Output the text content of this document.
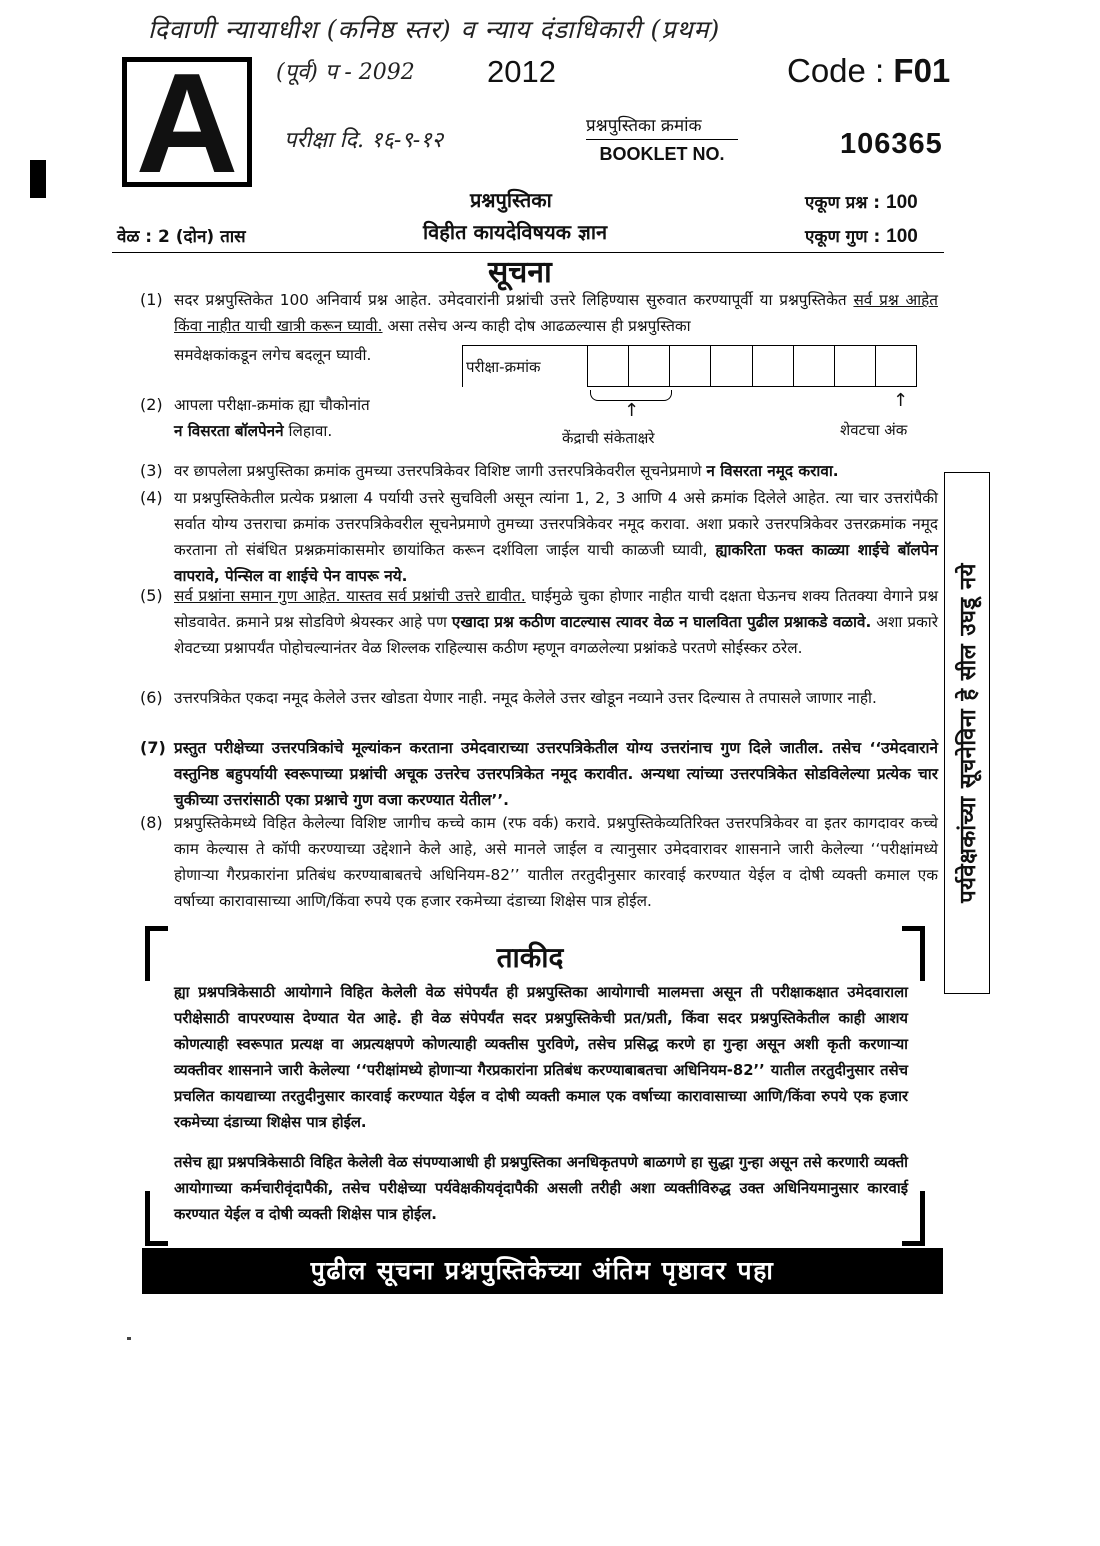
दिवाणी न्यायाधीश (कनिष्ठ स्तर) व न्याय दंडाधिकारी (प्रथम)
(पूर्व) प - 2092
परीक्षा दि. १६-९-१२
A	2012	Code : F01
प्रश्नपुस्तिका क्रमांक
BOOKLET NO.	106365
प्रश्नपुस्तिका
विहीत कायदेविषयक ज्ञान
वेळ : 2 (दोन) तास
एकूण प्रश्न : 100
एकूण गुण : 100
सूचना
(1) सदर प्रश्नपुस्तिकेत 100 अनिवार्य प्रश्न आहेत. उमेदवारांनी प्रश्नांची उत्तरे लिहिण्यास सुरुवात करण्यापूर्वी या प्रश्नपुस्तिकेत सर्व प्रश्न आहेत किंवा नाहीत याची खात्री करून घ्यावी. असा तसेच अन्य काही दोष आढळल्यास ही प्रश्नपुस्तिका
समवेक्षकांकडून लगेच बदलून घ्यावी.
परीक्षा-क्रमांक
↑	↑
केंद्राची संकेताक्षरे	शेवटचा अंक
(2) आपला परीक्षा-क्रमांक ह्या चौकोनांत
न विसरता बॉलपेनने लिहावा.
(3) वर छापलेला प्रश्नपुस्तिका क्रमांक तुमच्या उत्तरपत्रिकेवर विशिष्ट जागी उत्तरपत्रिकेवरील सूचनेप्रमाणे न विसरता नमूद करावा.
(4) या प्रश्नपुस्तिकेतील प्रत्येक प्रश्नाला 4 पर्यायी उत्तरे सुचविली असून त्यांना 1, 2, 3 आणि 4 असे क्रमांक दिलेले आहेत. त्या चार उत्तरांपैकी सर्वात योग्य उत्तराचा क्रमांक उत्तरपत्रिकेवरील सूचनेप्रमाणे तुमच्या उत्तरपत्रिकेवर नमूद करावा. अशा प्रकारे उत्तरपत्रिकेवर उत्तरक्रमांक नमूद करताना तो संबंधित प्रश्नक्रमांकासमोर छायांकित करून दर्शविला जाईल याची काळजी घ्यावी, ह्याकरिता फक्त काळ्या शाईचे बॉलपेन वापरावे, पेन्सिल वा शाईचे पेन वापरू नये.
(5) सर्व प्रश्नांना समान गुण आहेत. यास्तव सर्व प्रश्नांची उत्तरे द्यावीत. घाईमुळे चुका होणार नाहीत याची दक्षता घेऊनच शक्य तितक्या वेगाने प्रश्न सोडवावेत. क्रमाने प्रश्न सोडविणे श्रेयस्कर आहे पण एखादा प्रश्न कठीण वाटल्यास त्यावर वेळ न घालविता पुढील प्रश्नाकडे वळावे. अशा प्रकारे शेवटच्या प्रश्नापर्यंत पोहोचल्यानंतर वेळ शिल्लक राहिल्यास कठीण म्हणून वगळलेल्या प्रश्नांकडे परतणे सोईस्कर ठरेल.
(6) उत्तरपत्रिकेत एकदा नमूद केलेले उत्तर खोडता येणार नाही. नमूद केलेले उत्तर खोडून नव्याने उत्तर दिल्यास ते तपासले जाणार नाही.
(7) प्रस्तुत परीक्षेच्या उत्तरपत्रिकांचे मूल्यांकन करताना उमेदवाराच्या उत्तरपत्रिकेतील योग्य उत्तरांनाच गुण दिले जातील. तसेच ‘‘उमेदवाराने वस्तुनिष्ठ बहुपर्यायी स्वरूपाच्या प्रश्नांची अचूक उत्तरेच उत्तरपत्रिकेत नमूद करावीत. अन्यथा त्यांच्या उत्तरपत्रिकेत सोडविलेल्या प्रत्येक चार चुकीच्या उत्तरांसाठी एका प्रश्नाचे गुण वजा करण्यात येतील’’.
(8) प्रश्नपुस्तिकेमध्ये विहित केलेल्या विशिष्ट जागीच कच्चे काम (रफ वर्क) करावे. प्रश्नपुस्तिकेव्यतिरिक्त उत्तरपत्रिकेवर वा इतर कागदावर कच्चे काम केल्यास ते कॉपी करण्याच्या उद्देशाने केले आहे, असे मानले जाईल व त्यानुसार उमेदवारावर शासनाने जारी केलेल्या ‘‘परीक्षांमध्ये होणाऱ्या गैरप्रकारांना प्रतिबंध करण्याबाबतचे अधिनियम-82’’ यातील तरतुदीनुसार कारवाई करण्यात येईल व दोषी व्यक्ती कमाल एक वर्षाच्या कारावासाच्या आणि/किंवा रुपये एक हजार रकमेच्या दंडाच्या शिक्षेस पात्र होईल.	पर्यवेक्षकांच्या सूचनेविना हे सील उघडू नये
ताकीद
ह्या प्रश्नपत्रिकेसाठी आयोगाने विहित केलेली वेळ संपेपर्यंत ही प्रश्नपुस्तिका आयोगाची मालमत्ता असून ती परीक्षाकक्षात उमेदवाराला परीक्षेसाठी वापरण्यास देण्यात येत आहे. ही वेळ संपेपर्यंत सदर प्रश्नपुस्तिकेची प्रत/प्रती, किंवा सदर प्रश्नपुस्तिकेतील काही आशय कोणत्याही स्वरूपात प्रत्यक्ष वा अप्रत्यक्षपणे कोणत्याही व्यक्तीस पुरविणे, तसेच प्रसिद्ध करणे हा गुन्हा असून अशी कृती करणाऱ्या व्यक्तीवर शासनाने जारी केलेल्या ‘‘परीक्षांमध्ये होणाऱ्या गैरप्रकारांना प्रतिबंध करण्याबाबतचा अधिनियम-82’’ यातील तरतुदीनुसार तसेच प्रचलित कायद्याच्या तरतुदीनुसार कारवाई करण्यात येईल व दोषी व्यक्ती कमाल एक वर्षाच्या कारावासाच्या आणि/किंवा रुपये एक हजार रकमेच्या दंडाच्या शिक्षेस पात्र होईल.
तसेच ह्या प्रश्नपत्रिकेसाठी विहित केलेली वेळ संपण्याआधी ही प्रश्नपुस्तिका अनधिकृतपणे बाळगणे हा सुद्धा गुन्हा असून तसे करणारी व्यक्ती आयोगाच्या कर्मचारीवृंदापैकी, तसेच परीक्षेच्या पर्यवेक्षकीयवृंदापैकी असली तरीही अशा व्यक्तीविरुद्ध उक्त अधिनियमानुसार कारवाई करण्यात येईल व दोषी व्यक्ती शिक्षेस पात्र होईल.
पुढील सूचना प्रश्नपुस्तिकेच्या अंतिम पृष्ठावर पहा
